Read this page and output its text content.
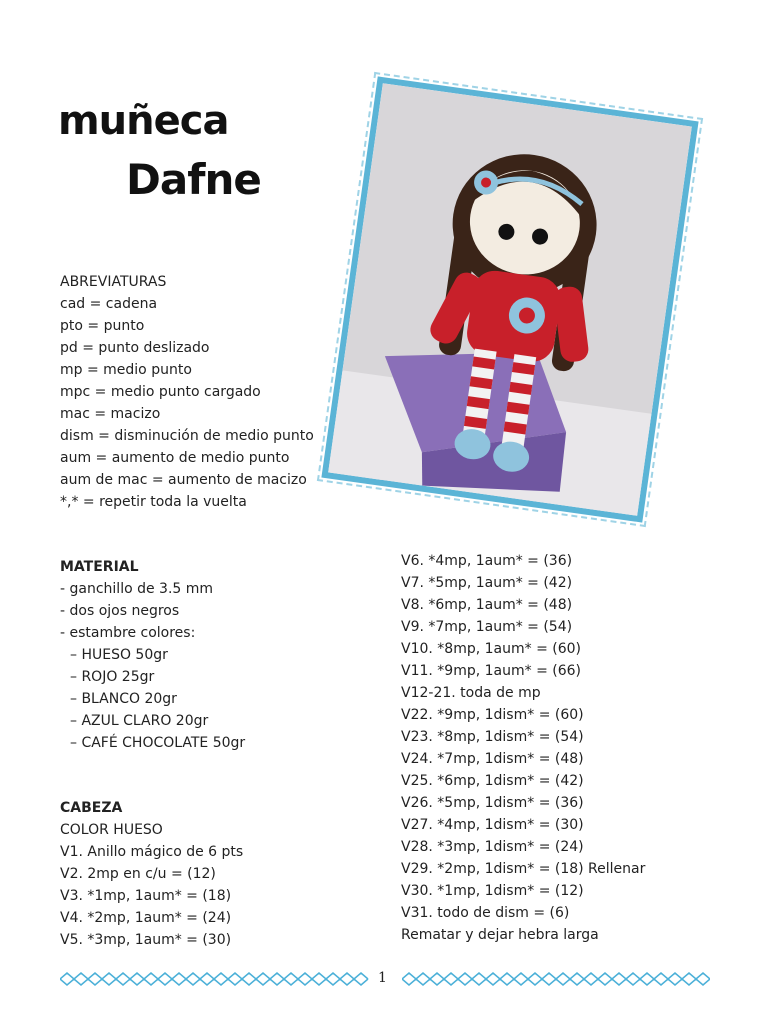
muñeca
Dafne
ABREVIATURAS
cad = cadena
pto = punto
pd = punto deslizado
mp = medio punto
mpc = medio punto cargado
mac = macizo
dism = disminución de medio punto
aum = aumento de medio punto
aum de mac = aumento de macizo
*,* = repetir toda la vuelta
MATERIAL
- ganchillo de 3.5 mm
- dos ojos negros
- estambre colores:
– HUESO 50gr
– ROJO 25gr
– BLANCO 20gr
– AZUL CLARO 20gr
– CAFÉ CHOCOLATE 50gr
CABEZA
COLOR HUESO
V1. Anillo mágico de 6 pts
V2. 2mp en c/u = (12)
V3. *1mp, 1aum* = (18)
V4. *2mp, 1aum* = (24)
V5. *3mp, 1aum* = (30)
V6. *4mp, 1aum* = (36)
V7. *5mp, 1aum* = (42)
V8. *6mp, 1aum* = (48)
V9. *7mp, 1aum* = (54)
V10. *8mp, 1aum* = (60)
V11. *9mp, 1aum* = (66)
V12-21. toda de mp
V22. *9mp, 1dism* = (60)
V23. *8mp, 1dism* = (54)
V24. *7mp, 1dism* = (48)
V25. *6mp, 1dism* = (42)
V26. *5mp, 1dism* = (36)
V27. *4mp, 1dism* = (30)
V28. *3mp, 1dism* = (24)
V29. *2mp, 1dism* = (18) Rellenar
V30. *1mp, 1dism* = (12)
V31. todo de dism = (6)
Rematar y dejar hebra larga
1
